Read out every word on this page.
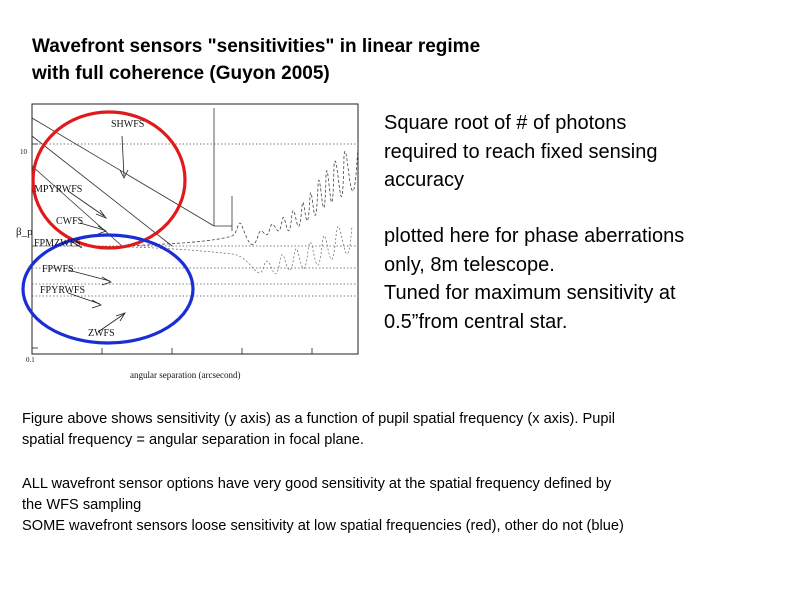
Wavefront sensors "sensitivities" in linear regime
with full coherence (Guyon 2005)
SHWFS
MPYRWFS
CWFS
FPMZWFS
FPWFS
FPYRWFS
ZWFS
10
β_p
0.1
angular separation (arcsecond)
Square root of # of photons
required to reach fixed sensing
accuracy
plotted here for phase aberrations
only, 8m telescope.
Tuned for maximum sensitivity at
0.5”from central star.
Figure above shows sensitivity (y axis) as a function of pupil spatial frequency (x axis). Pupil
spatial frequency = angular separation in focal plane.
ALL wavefront sensor options have very good sensitivity at the spatial frequency defined by
the WFS sampling
SOME wavefront sensors loose sensitivity at low spatial frequencies (red), other do not (blue)
